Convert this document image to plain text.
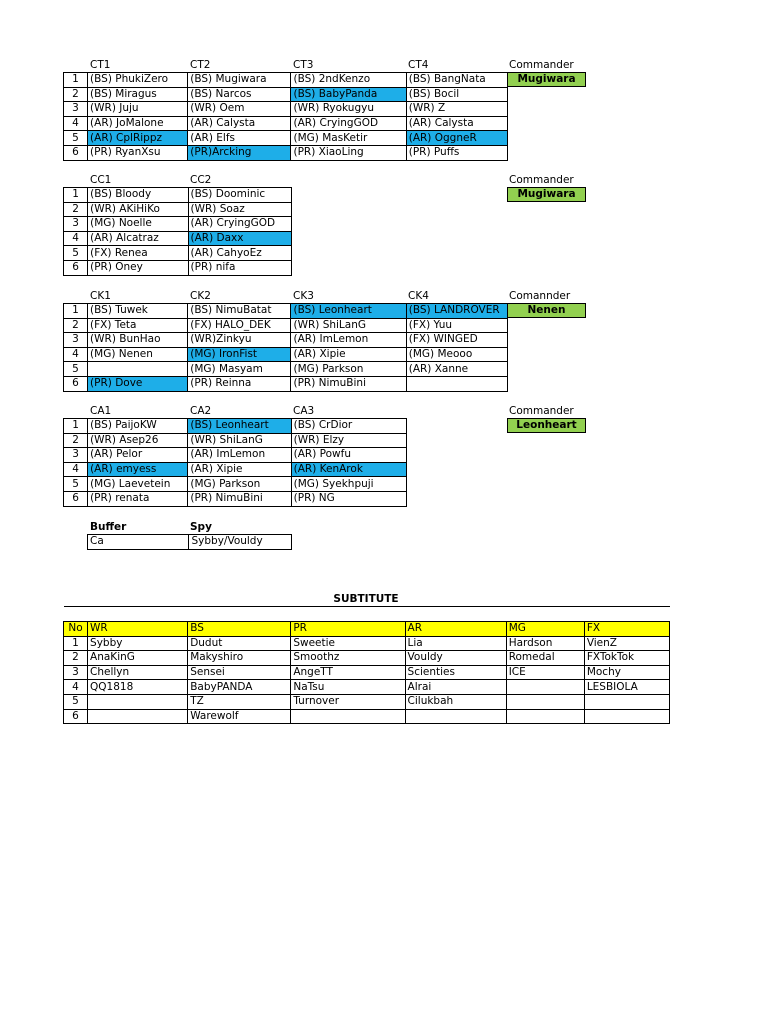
CT1	CT2	CT3	CT4	Commander
Mugiwara
1	(BS) PhukiZero	(BS) Mugiwara	(BS) 2ndKenzo	(BS) BangNata
2	(BS) Miragus	(BS) Narcos	(BS) BabyPanda	(BS) Bocil
3	(WR) Juju	(WR) Oem	(WR) Ryokugyu	(WR) Z
4	(AR) JoMalone	(AR) Calysta	(AR) CryingGOD	(AR) Calysta
5	(AR) CplRippz	(AR) Elfs	(MG) MasKetir	(AR) OggneR
6	(PR) RyanXsu	(PR)Arcking	(PR) XiaoLing	(PR) Puffs
CC1	CC2	Commander
Mugiwara
1	(BS) Bloody	(BS) Doominic
2	(WR) AKiHiKo	(WR) Soaz
3	(MG) Noelle	(AR) CryingGOD
4	(AR) Alcatraz	(AR) Daxx
5	(FX) Renea	(AR) CahyoEz
6	(PR) Oney	(PR) nifa
CK1	CK2	CK3	CK4	Comannder
Nenen
1	(BS) Tuwek	(BS) NimuBatat	(BS) Leonheart	(BS) LANDROVER
2	(FX) Teta	(FX) HALO_DEK	(WR) ShiLanG	(FX) Yuu
3	(WR) BunHao	(WR)Zinkyu	(AR) ImLemon	(FX) WINGED
4	(MG) Nenen	(MG) IronFist	(AR) Xipie	(MG) Meooo
5		(MG) Masyam	(MG) Parkson	(AR) Xanne
6	(PR) Dove	(PR) Reinna	(PR) NimuBini	
CA1	CA2	CA3	Commander
Leonheart
1	(BS) PaijoKW	(BS) Leonheart	(BS) CrDior
2	(WR) Asep26	(WR) ShiLanG	(WR) Elzy
3	(AR) Pelor	(AR) ImLemon	(AR) Powfu
4	(AR) emyess	(AR) Xipie	(AR) KenArok
5	(MG) Laevetein	(MG) Parkson	(MG) Syekhpuji
6	(PR) renata	(PR) NimuBini	(PR) NG
Buffer	Spy
Ca	Sybby/Vouldy
SUBTITUTE
No	WR	BS	PR	AR	MG	FX
1	Sybby	Dudut	Sweetie	Lia	Hardson	VienZ
2	AnaKinG	Makyshiro	Smoothz	Vouldy	Romedal	FXTokTok
3	Chellyn	Sensei	AngeTT	Scienties	ICE	Mochy
4	QQ1818	BabyPANDA	NaTsu	Alrai		LESBIOLA
5		TZ	Turnover	Cilukbah		
6		Warewolf				
